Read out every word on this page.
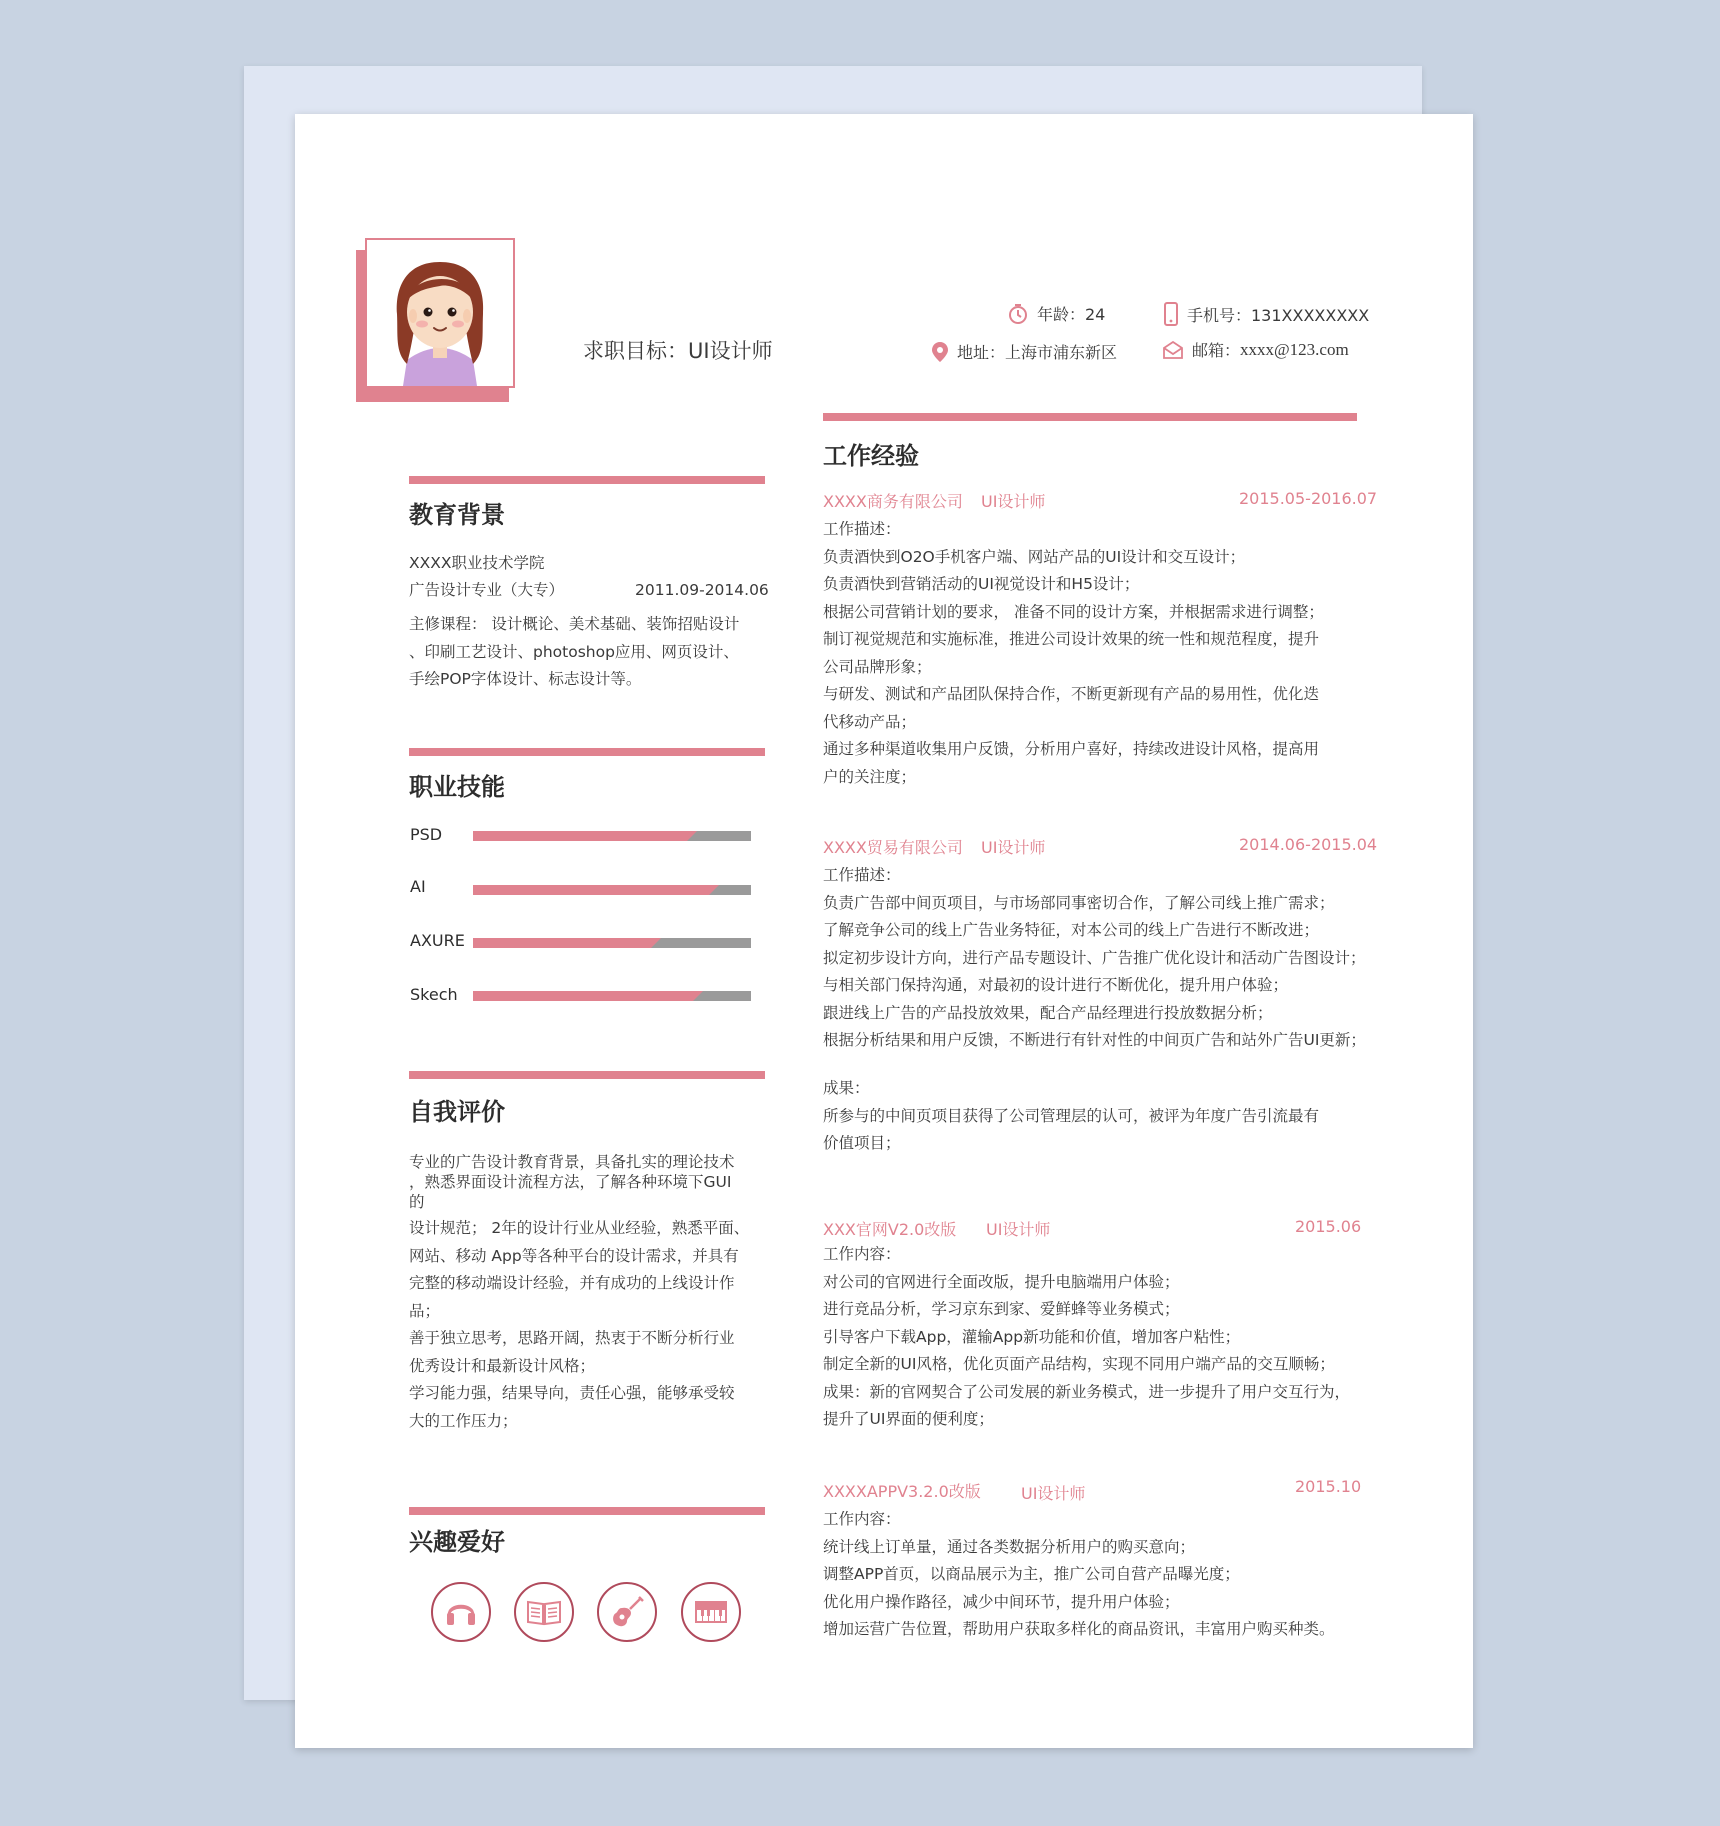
求职目标：UI设计师
年龄：24	手机号：131XXXXXXXX
地址：上海市浦东新区	邮箱： xxxx@123.com
教育背景
XXXX职业技术学院
广告设计专业（大专）	2011.09-2014.06
主修课程： 设计概论、美术基础、装饰招贴设计
、印刷工艺设计、photoshop应用、网页设计、
手绘POP字体设计、标志设计等。
职业技能
PSD
AI
AXURE
Skech
自我评价
专业的广告设计教育背景，具备扎实的理论技术
，熟悉界面设计流程方法，了解各种环境下GUI
的
设计规范； 2年的设计行业从业经验，熟悉平面、
网站、移动 App等各种平台的设计需求，并具有
完整的移动端设计经验，并有成功的上线设计作
品；
善于独立思考，思路开阔，热衷于不断分析行业
优秀设计和最新设计风格；
学习能力强，结果导向，责任心强，能够承受较
大的工作压力；
兴趣爱好
工作经验
XXXX商务有限公司 UI设计师	2015.05-2016.07
工作描述：
负责酒快到O2O手机客户端、网站产品的UI设计和交互设计；
负责酒快到营销活动的UI视觉设计和H5设计；
根据公司营销计划的要求， 准备不同的设计方案，并根据需求进行调整；
制订视觉规范和实施标准，推进公司设计效果的统一性和规范程度，提升
公司品牌形象；
与研发、测试和产品团队保持合作，不断更新现有产品的易用性，优化迭
代移动产品；
通过多种渠道收集用户反馈，分析用户喜好，持续改进设计风格，提高用
户的关注度；
XXXX贸易有限公司 UI设计师	2014.06-2015.04
工作描述：
负责广告部中间页项目，与市场部同事密切合作，了解公司线上推广需求；
了解竞争公司的线上广告业务特征，对本公司的线上广告进行不断改进；
拟定初步设计方向，进行产品专题设计、广告推广优化设计和活动广告图设计；
与相关部门保持沟通，对最初的设计进行不断优化，提升用户体验；
跟进线上广告的产品投放效果，配合产品经理进行投放数据分析；
根据分析结果和用户反馈，不断进行有针对性的中间页广告和站外广告UI更新；
成果：
所参与的中间页项目获得了公司管理层的认可，被评为年度广告引流最有
价值项目；
XXX官网V2.0改版 UI设计师	2015.06
工作内容：
对公司的官网进行全面改版，提升电脑端用户体验；
进行竞品分析，学习京东到家、爱鲜蜂等业务模式；
引导客户下载App，灌输App新功能和价值，增加客户粘性；
制定全新的UI风格，优化页面产品结构，实现不同用户端产品的交互顺畅；
成果：新的官网契合了公司发展的新业务模式，进一步提升了用户交互行为，
提升了UI界面的便利度；
XXXXAPPV3.2.0改版	UI设计师	2015.10
工作内容：
统计线上订单量，通过各类数据分析用户的购买意向；
调整APP首页，以商品展示为主，推广公司自营产品曝光度；
优化用户操作路径，减少中间环节，提升用户体验；
增加运营广告位置，帮助用户获取多样化的商品资讯，丰富用户购买种类。
